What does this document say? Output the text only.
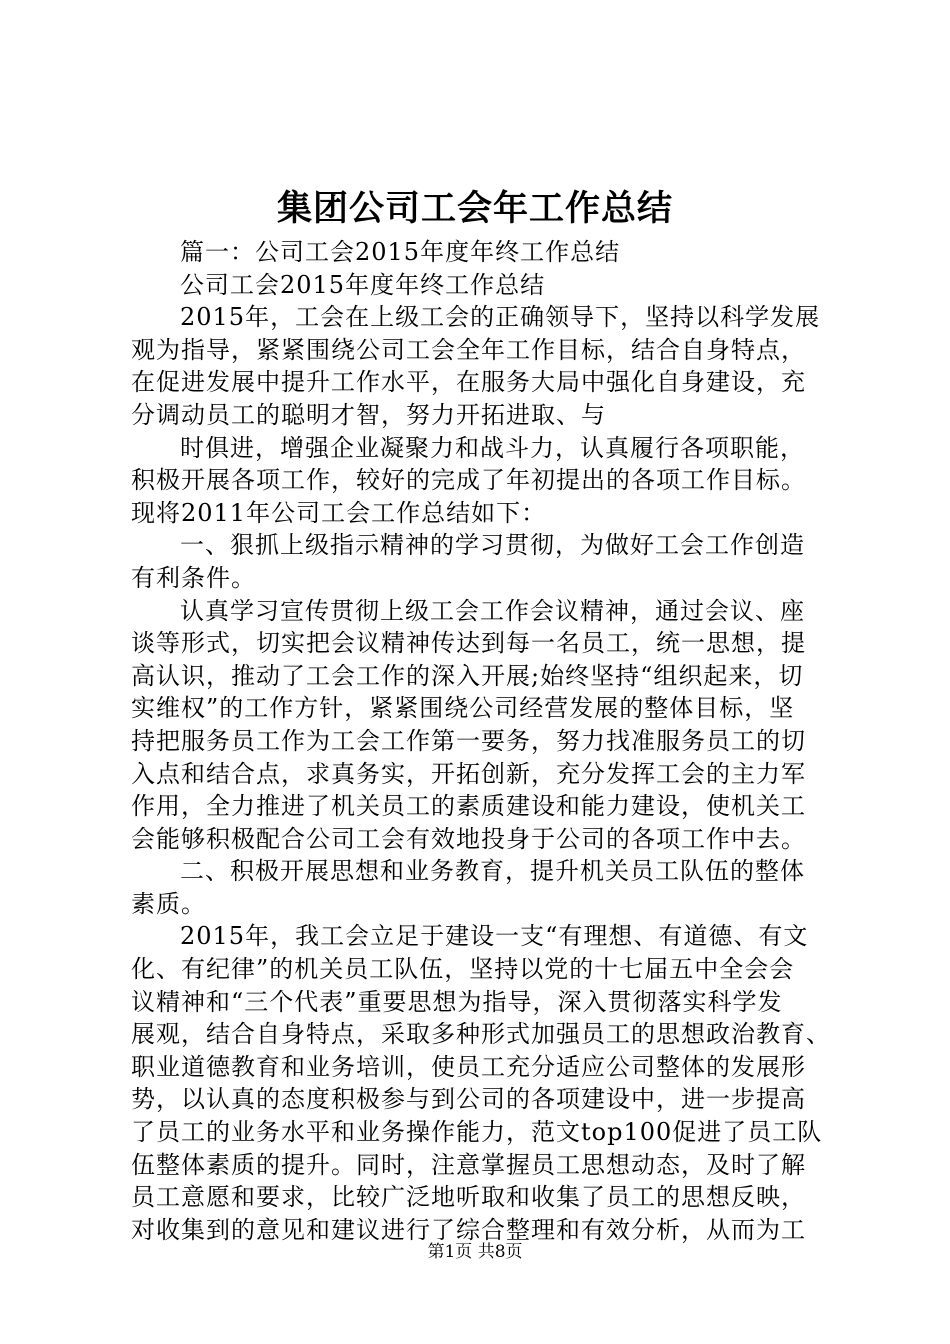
集团公司工会年工作总结
篇一：公司工会2015年度年终工作总结
公司工会2015年度年终工作总结
2015年，工会在上级工会的正确领导下，坚持以科学发展
观为指导，紧紧围绕公司工会全年工作目标，结合自身特点，
在促进发展中提升工作水平，在服务大局中强化自身建设，充
分调动员工的聪明才智，努力开拓进取、与
时俱进，增强企业凝聚力和战斗力，认真履行各项职能，
积极开展各项工作，较好的完成了年初提出的各项工作目标。
现将2011年公司工会工作总结如下：
一、狠抓上级指示精神的学习贯彻，为做好工会工作创造
有利条件。
认真学习宣传贯彻上级工会工作会议精神，通过会议、座
谈等形式，切实把会议精神传达到每一名员工，统一思想，提
高认识，推动了工会工作的深入开展;始终坚持“组织起来，切
实维权”的工作方针，紧紧围绕公司经营发展的整体目标，坚
持把服务员工作为工会工作第一要务，努力找准服务员工的切
入点和结合点，求真务实，开拓创新，充分发挥工会的主力军
作用，全力推进了机关员工的素质建设和能力建设，使机关工
会能够积极配合公司工会有效地投身于公司的各项工作中去。
二、积极开展思想和业务教育，提升机关员工队伍的整体
素质。
2015年，我工会立足于建设一支“有理想、有道德、有文
化、有纪律”的机关员工队伍，坚持以党的十七届五中全会会
议精神和“三个代表”重要思想为指导，深入贯彻落实科学发
展观，结合自身特点，采取多种形式加强员工的思想政治教育、
职业道德教育和业务培训，使员工充分适应公司整体的发展形
势，以认真的态度积极参与到公司的各项建设中，进一步提高
了员工的业务水平和业务操作能力，范文top100促进了员工队
伍整体素质的提升。同时，注意掌握员工思想动态，及时了解
员工意愿和要求，比较广泛地听取和收集了员工的思想反映，
对收集到的意见和建议进行了综合整理和有效分析，从而为工
第1页 共8页
